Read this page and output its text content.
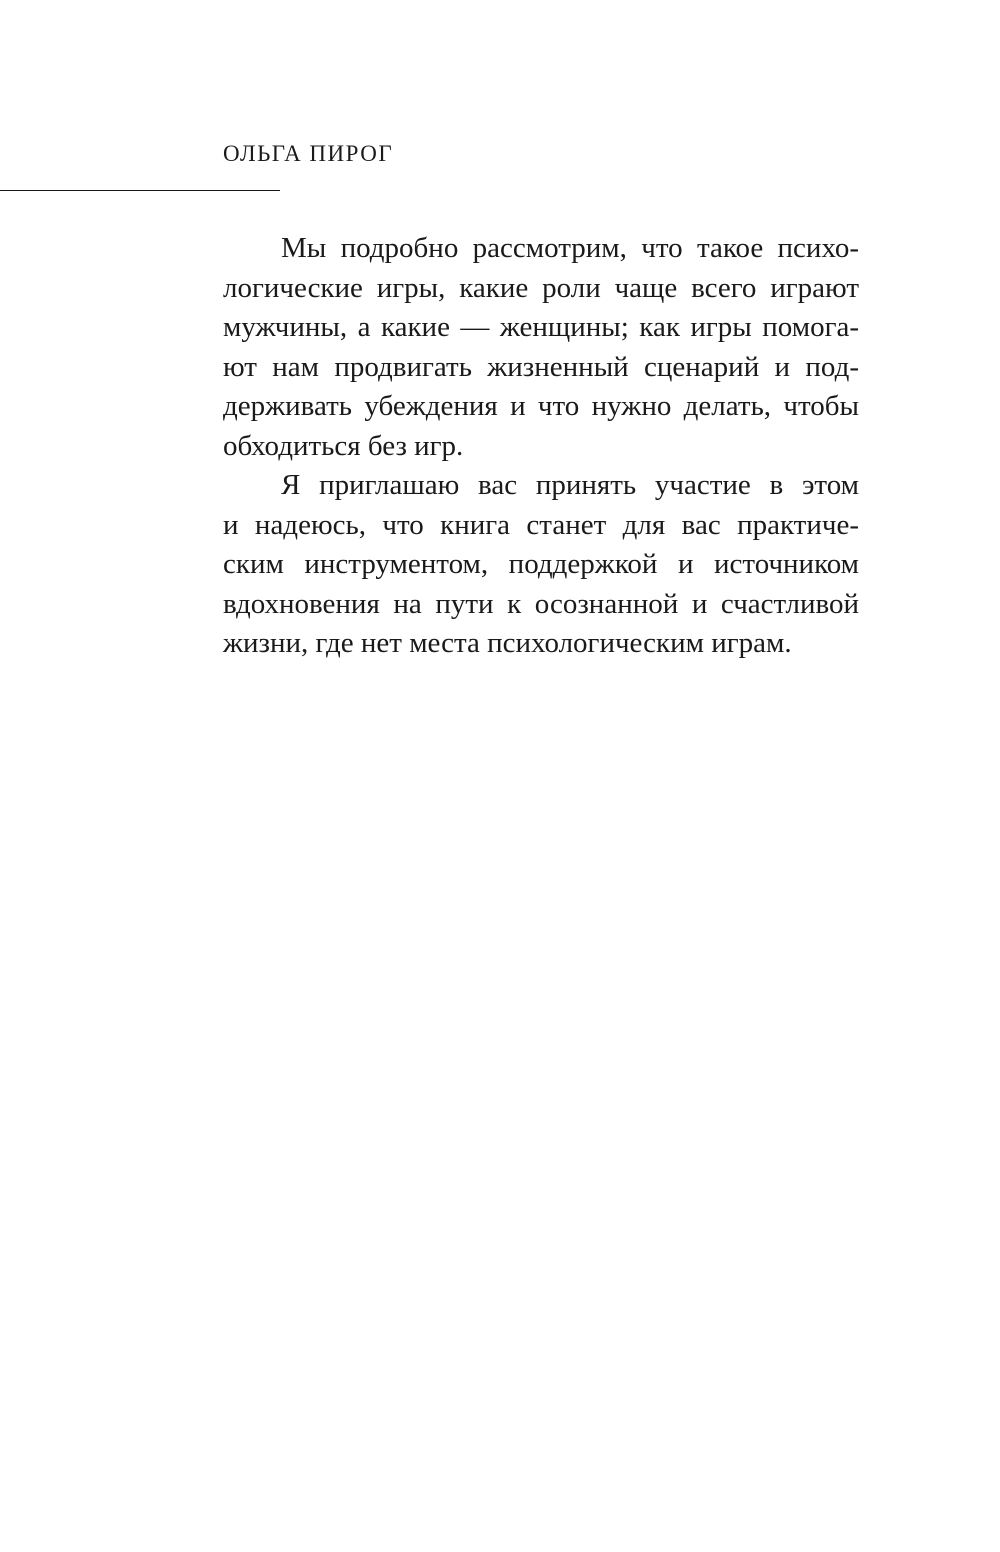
ОЛЬГА ПИРОГ
Мы подробно рассмотрим, что такое психо-
логические игры, какие роли чаще всего играют
мужчины, а какие — женщины; как игры помога-
ют нам продвигать жизненный сценарий и под-
держивать убеждения и что нужно делать, чтобы
обходиться без игр.
Я приглашаю вас принять участие в этом
и надеюсь, что книга станет для вас практиче-
ским инструментом, поддержкой и источником
вдохновения на пути к осознанной и счастливой
жизни, где нет места психологическим играм.
